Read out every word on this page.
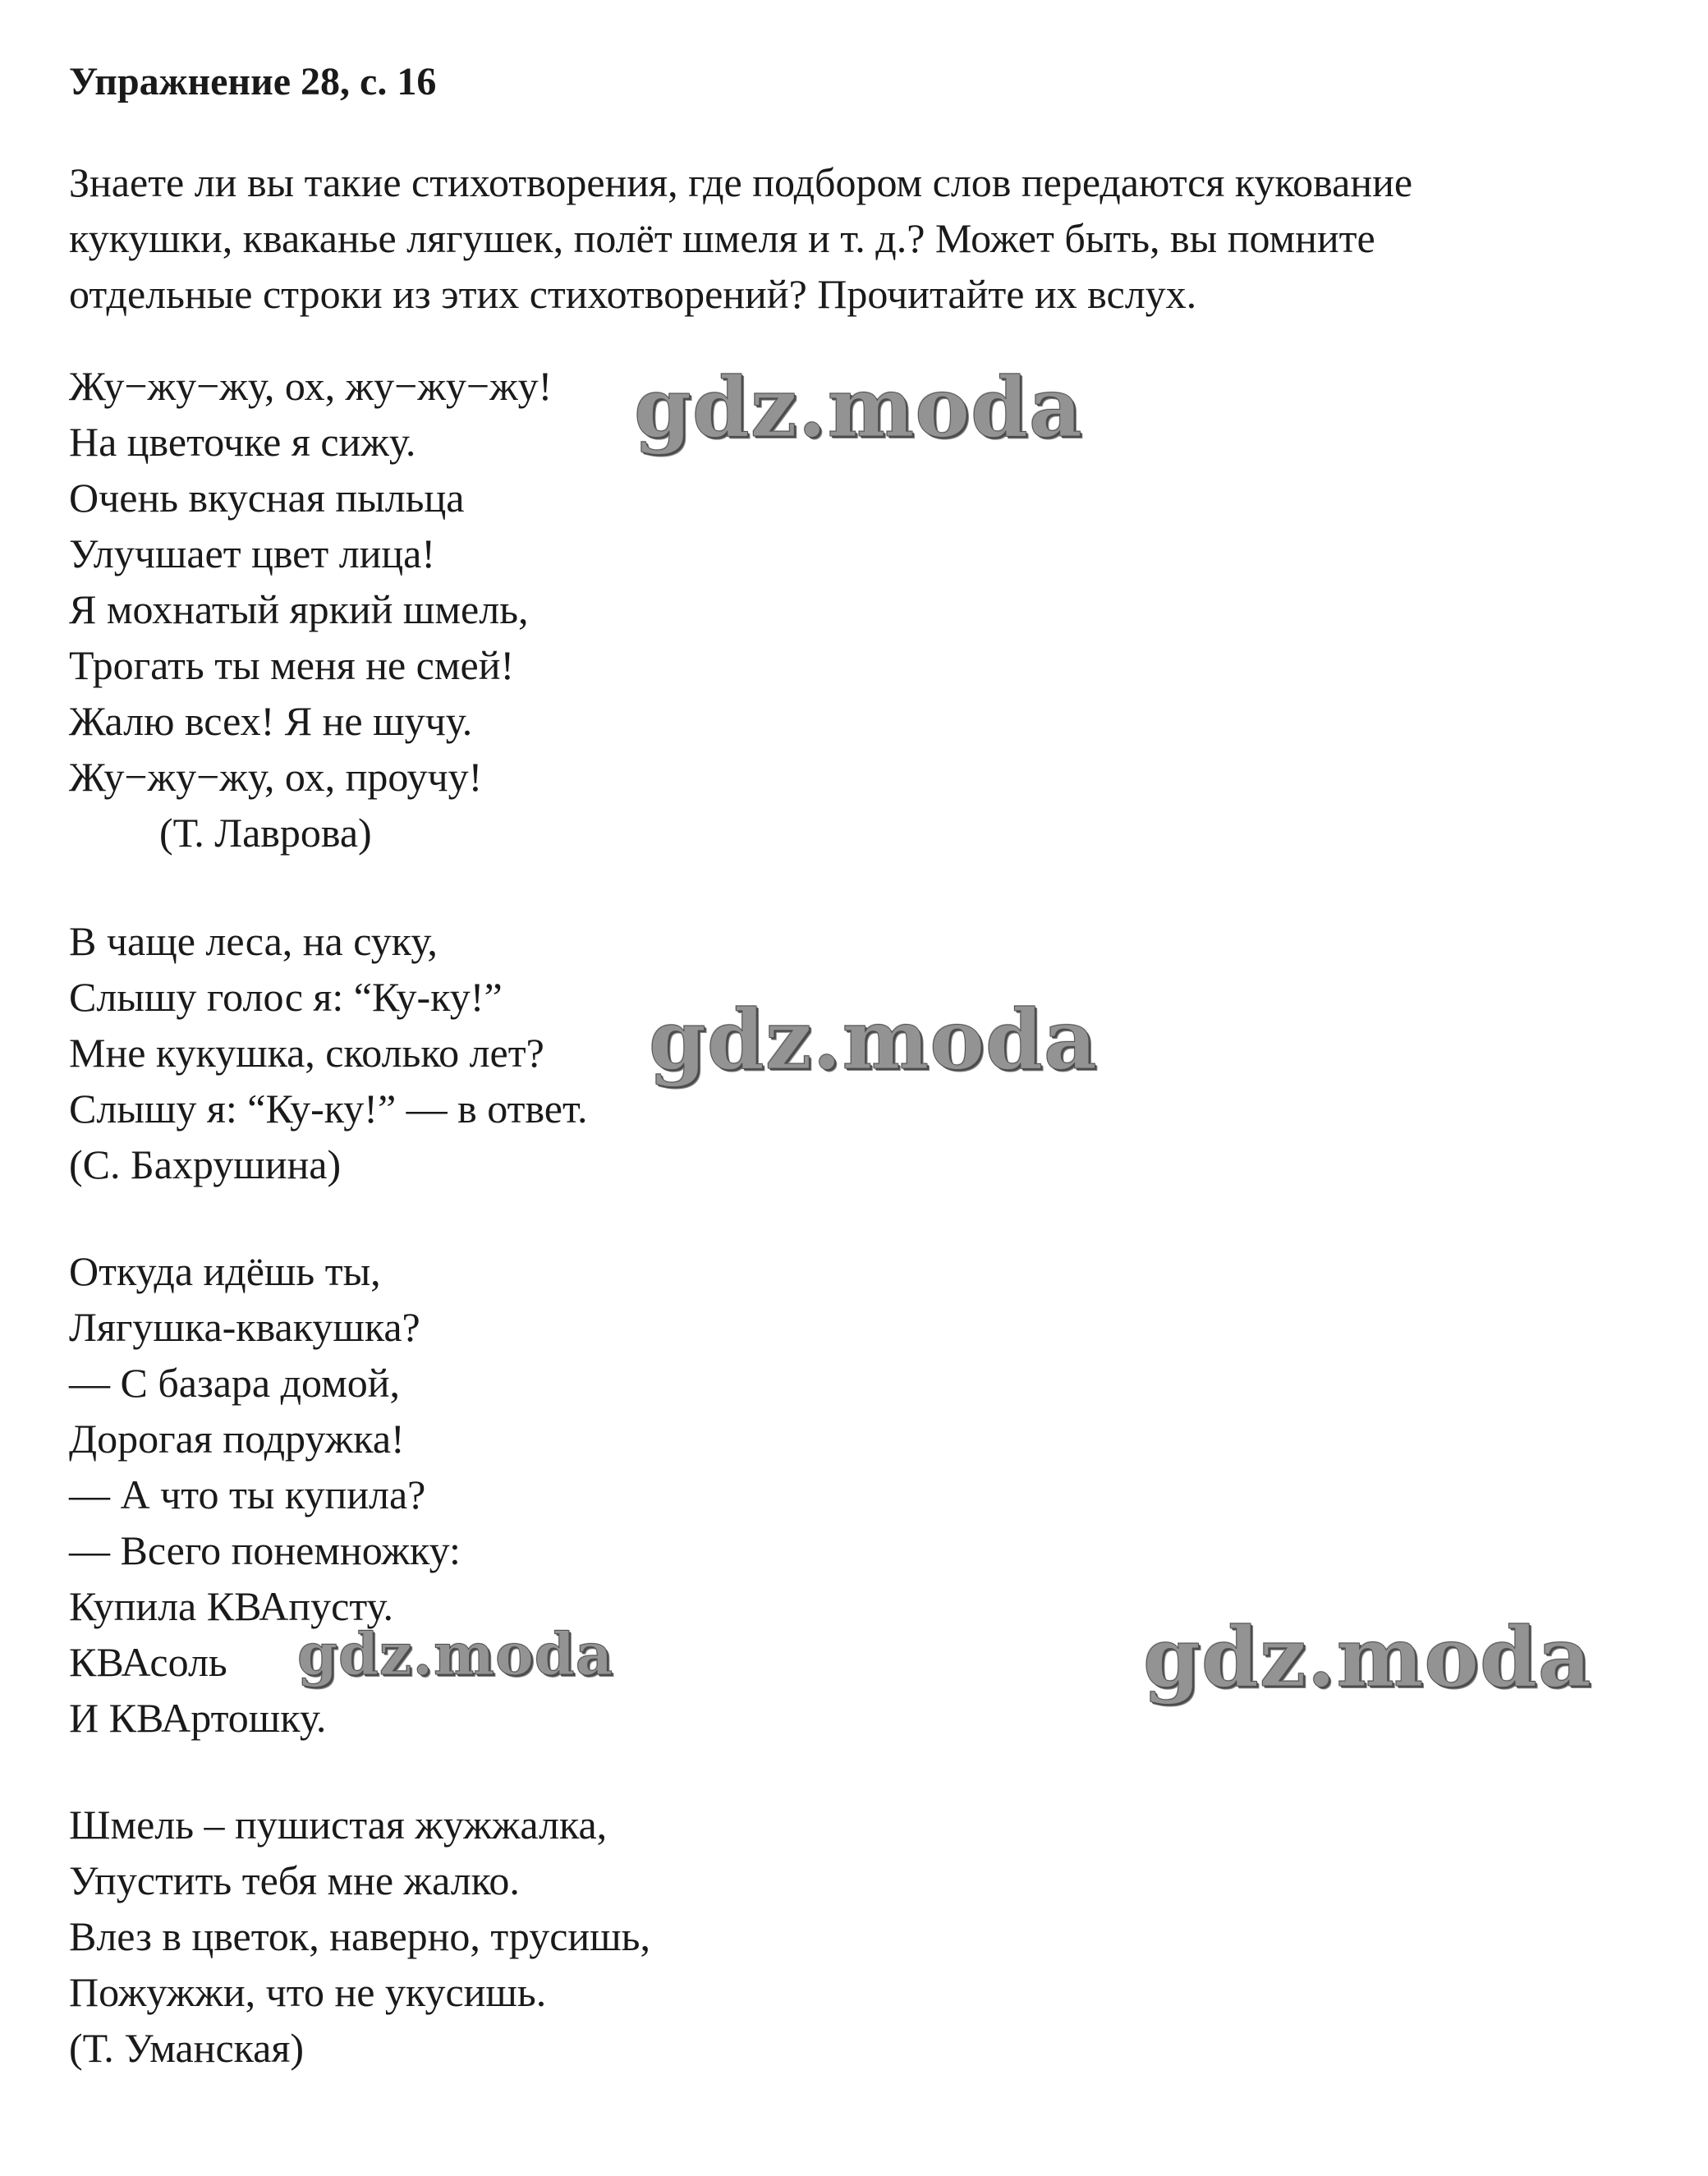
Упражнение 28, с. 16
Знаете ли вы такие стихотворения, где подбором слов передаются кукование
кукушки, кваканье лягушек, полёт шмеля и т. д.? Может быть, вы помните
отдельные строки из этих стихотворений? Прочитайте их вслух.
Жу−жу−жу, ох, жу−жу−жу!
На цветочке я сижу.
Очень вкусная пыльца
Улучшает цвет лица!
Я мохнатый яркий шмель,
Трогать ты меня не смей!
Жалю всех! Я не шучу.
Жу−жу−жу, ох, проучу!
(Т. Лаврова)
В чаще леса, на суку,
Слышу голос я: “Ку-ку!”
Мне кукушка, сколько лет?
Слышу я: “Ку-ку!” — в ответ.
(С. Бахрушина)
Откуда идёшь ты,
Лягушка-квакушка?
— С базара домой,
Дорогая подружка!
— А что ты купила?
— Всего понемножку:
Купила КВАпусту.
КВАсоль
И КВАртошку.
Шмель – пушистая жужжалка,
Упустить тебя мне жалко.
Влез в цветок, наверно, трусишь,
Пожужжи, что не укусишь.
(Т. Уманская)
gdz.moda
gdz.moda
gdz.moda	gdz.moda
